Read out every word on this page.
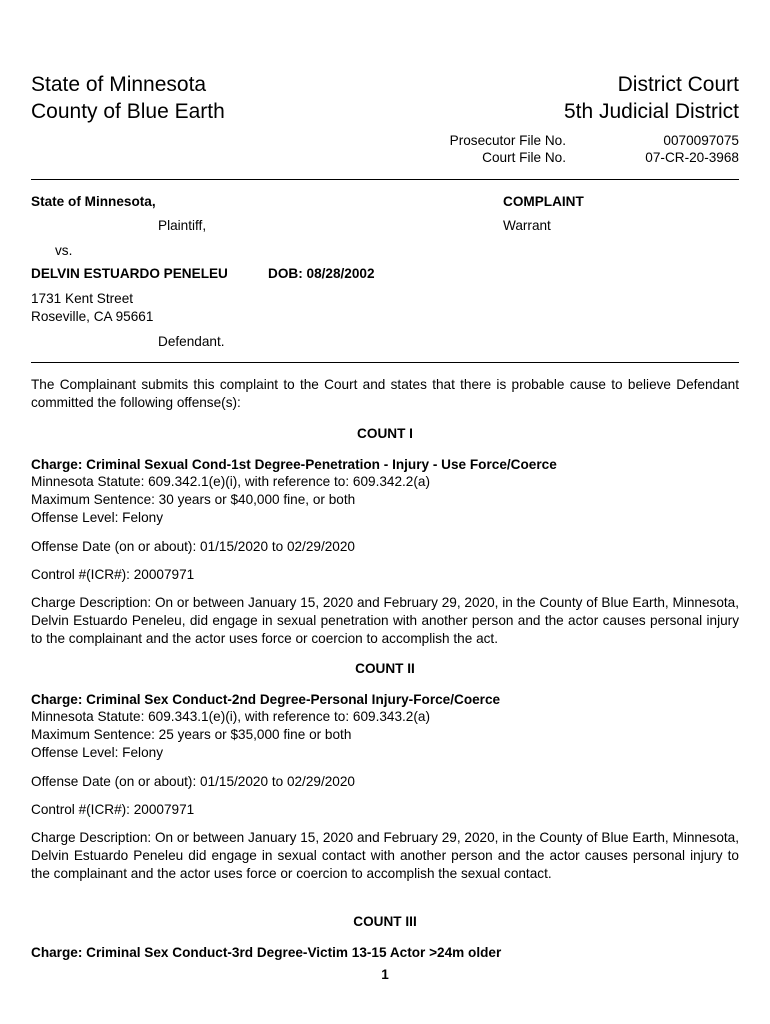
State of Minnesota
County of Blue Earth
District Court
5th Judicial District
Prosecutor File No.	0070097075
Court File No.	07-CR-20-3968
State of Minnesota,
Plaintiff,
vs.
DELVIN ESTUARDO PENELEU	DOB: 08/28/2002
1731 Kent Street
Roseville, CA 95661
Defendant.
COMPLAINT
Warrant
The Complainant submits this complaint to the Court and states that there is probable cause to believe Defendant committed the following offense(s):
COUNT I
Charge: Criminal Sexual Cond-1st Degree-Penetration - Injury - Use Force/Coerce
Minnesota Statute: 609.342.1(e)(i), with reference to: 609.342.2(a)
Maximum Sentence: 30 years or $40,000 fine, or both
Offense Level: Felony
Offense Date (on or about): 01/15/2020 to 02/29/2020
Control #(ICR#): 20007971
Charge Description: On or between January 15, 2020 and February 29, 2020, in the County of Blue Earth, Minnesota, Delvin Estuardo Peneleu, did engage in sexual penetration with another person and the actor causes personal injury to the complainant and the actor uses force or coercion to accomplish the act.
COUNT II
Charge: Criminal Sex Conduct-2nd Degree-Personal Injury-Force/Coerce
Minnesota Statute: 609.343.1(e)(i), with reference to: 609.343.2(a)
Maximum Sentence: 25 years or $35,000 fine or both
Offense Level: Felony
Offense Date (on or about): 01/15/2020 to 02/29/2020
Control #(ICR#): 20007971
Charge Description: On or between January 15, 2020 and February 29, 2020, in the County of Blue Earth, Minnesota, Delvin Estuardo Peneleu did engage in sexual contact with another person and the actor causes personal injury to the complainant and the actor uses force or coercion to accomplish the sexual contact.
COUNT III
Charge: Criminal Sex Conduct-3rd Degree-Victim 13-15 Actor >24m older
1
